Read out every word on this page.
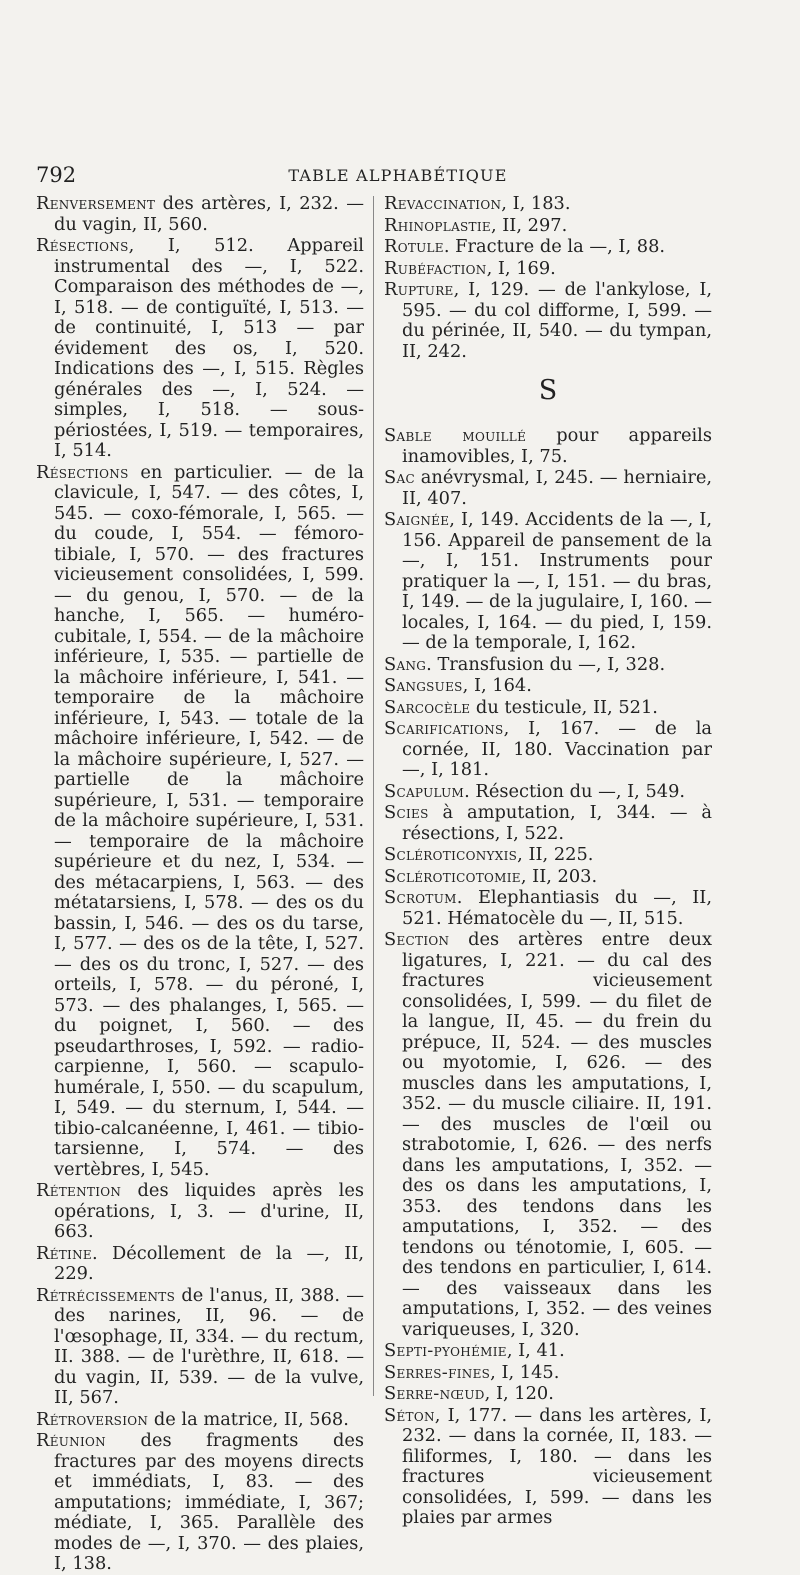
792	TABLE ALPHABÉTIQUE

Renversement des artères, I, 232. — du vagin, II, 560.

Résections, I, 512. Appareil instrumental des —, I, 522. Comparaison des méthodes de —, I, 518. — de contiguïté, I, 513. — de continuité, I, 513 — par évidement des os, I, 520. Indications des —, I, 515. Règles générales des —, I, 524. — simples, I, 518. — sous-périostées, I, 519. — temporaires, I, 514.

Résections en particulier. — de la clavicule, I, 547. — des côtes, I, 545. — coxo-fémorale, I, 565. — du coude, I, 554. — fémoro-tibiale, I, 570. — des fractures vicieusement consolidées, I, 599. — du genou, I, 570. — de la hanche, I, 565. — huméro-cubitale, I, 554. — de la mâchoire inférieure, I, 535. — partielle de la mâchoire inférieure, I, 541. — temporaire de la mâchoire inférieure, I, 543. — totale de la mâchoire inférieure, I, 542. — de la mâchoire supérieure, I, 527. — partielle de la mâchoire supérieure, I, 531. — temporaire de la mâchoire supérieure, I, 531. — temporaire de la mâchoire supérieure et du nez, I, 534. — des métacarpiens, I, 563. — des métatarsiens, I, 578. — des os du bassin, I, 546. — des os du tarse, I, 577. — des os de la tête, I, 527. — des os du tronc, I, 527. — des orteils, I, 578. — du péroné, I, 573. — des phalanges, I, 565. — du poignet, I, 560. — des pseudarthroses, I, 592. — radio-carpienne, I, 560. — scapulo-humérale, I, 550. — du scapulum, I, 549. — du sternum, I, 544. — tibio-calcanéenne, I, 461. — tibio-tarsienne, I, 574. — des vertèbres, I, 545.

Rétention des liquides après les opérations, I, 3. — d'urine, II, 663.

Rétine. Décollement de la —, II, 229.

Rétrécissements de l'anus, II, 388. — des narines, II, 96. — de l'œsophage, II, 334. — du rectum, II. 388. — de l'urèthre, II, 618. — du vagin, II, 539. — de la vulve, II, 567.

Rétroversion de la matrice, II, 568.

Réunion des fragments des fractures par des moyens directs et immédiats, I, 83. — des amputations; immédiate, I, 367; médiate, I, 365. Parallèle des modes de —, I, 370. — des plaies, I, 138.

Revaccination, I, 183.

Rhinoplastie, II, 297.

Rotule. Fracture de la —, I, 88.

Rubéfaction, I, 169.

Rupture, I, 129. — de l'ankylose, I, 595. — du col difforme, I, 599. — du périnée, II, 540. — du tympan, II, 242.

S

Sable mouillé pour appareils inamovibles, I, 75.

Sac anévrysmal, I, 245. — herniaire, II, 407.

Saignée, I, 149. Accidents de la —, I, 156. Appareil de pansement de la —, I, 151. Instruments pour pratiquer la —, I, 151. — du bras, I, 149. — de la jugulaire, I, 160. — locales, I, 164. — du pied, I, 159. — de la temporale, I, 162.

Sang. Transfusion du —, I, 328.

Sangsues, I, 164.

Sarcocèle du testicule, II, 521.

Scarifications, I, 167. — de la cornée, II, 180. Vaccination par —, I, 181.

Scapulum. Résection du —, I, 549.

Scies à amputation, I, 344. — à résections, I, 522.

Scléroticonyxis, II, 225.

Scléroticotomie, II, 203.

Scrotum. Elephantiasis du —, II, 521. Hématocèle du —, II, 515.

Section des artères entre deux ligatures, I, 221. — du cal des fractures vicieusement consolidées, I, 599. — du filet de la langue, II, 45. — du frein du prépuce, II, 524. — des muscles ou myotomie, I, 626. — des muscles dans les amputations, I, 352. — du muscle ciliaire. II, 191. — des muscles de l'œil ou strabotomie, I, 626. — des nerfs dans les amputations, I, 352. — des os dans les amputations, I, 353. des tendons dans les amputations, I, 352. — des tendons ou ténotomie, I, 605. — des tendons en particulier, I, 614. — des vaisseaux dans les amputations, I, 352. — des veines variqueuses, I, 320.

Septi-pyohémie, I, 41.

Serres-fines, I, 145.

Serre-nœud, I, 120.

Séton, I, 177. — dans les artères, I, 232. — dans la cornée, II, 183. — filiformes, I, 180. — dans les fractures vicieusement consolidées, I, 599. — dans les plaies par armes
